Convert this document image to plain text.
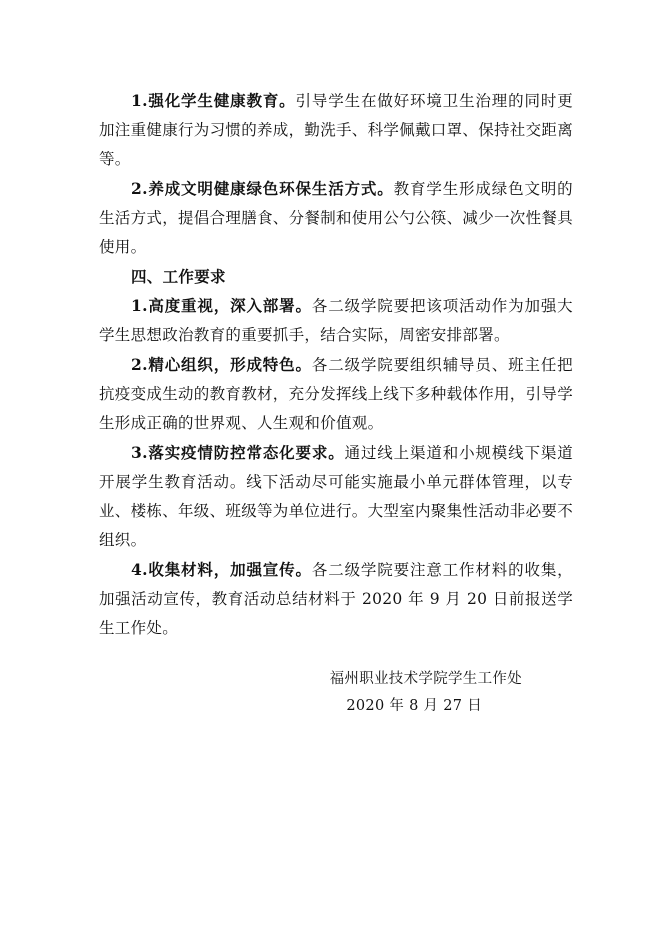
1.强化学生健康教育。引导学生在做好环境卫生治理的同时更加注重健康行为习惯的养成，勤洗手、科学佩戴口罩、保持社交距离等。

2.养成文明健康绿色环保生活方式。教育学生形成绿色文明的生活方式，提倡合理膳食、分餐制和使用公勺公筷、减少一次性餐具使用。

四、工作要求

1.高度重视，深入部署。各二级学院要把该项活动作为加强大学生思想政治教育的重要抓手，结合实际，周密安排部署。

2.精心组织，形成特色。各二级学院要组织辅导员、班主任把抗疫变成生动的教育教材，充分发挥线上线下多种载体作用，引导学生形成正确的世界观、人生观和价值观。

3.落实疫情防控常态化要求。通过线上渠道和小规模线下渠道开展学生教育活动。线下活动尽可能实施最小单元群体管理，以专业、楼栋、年级、班级等为单位进行。大型室内聚集性活动非必要不组织。

4.收集材料，加强宣传。各二级学院要注意工作材料的收集，加强活动宣传，教育活动总结材料于 2020 年 9 月 20 日前报送学生工作处。

福州职业技术学院学生工作处
2020 年 8 月 27 日
